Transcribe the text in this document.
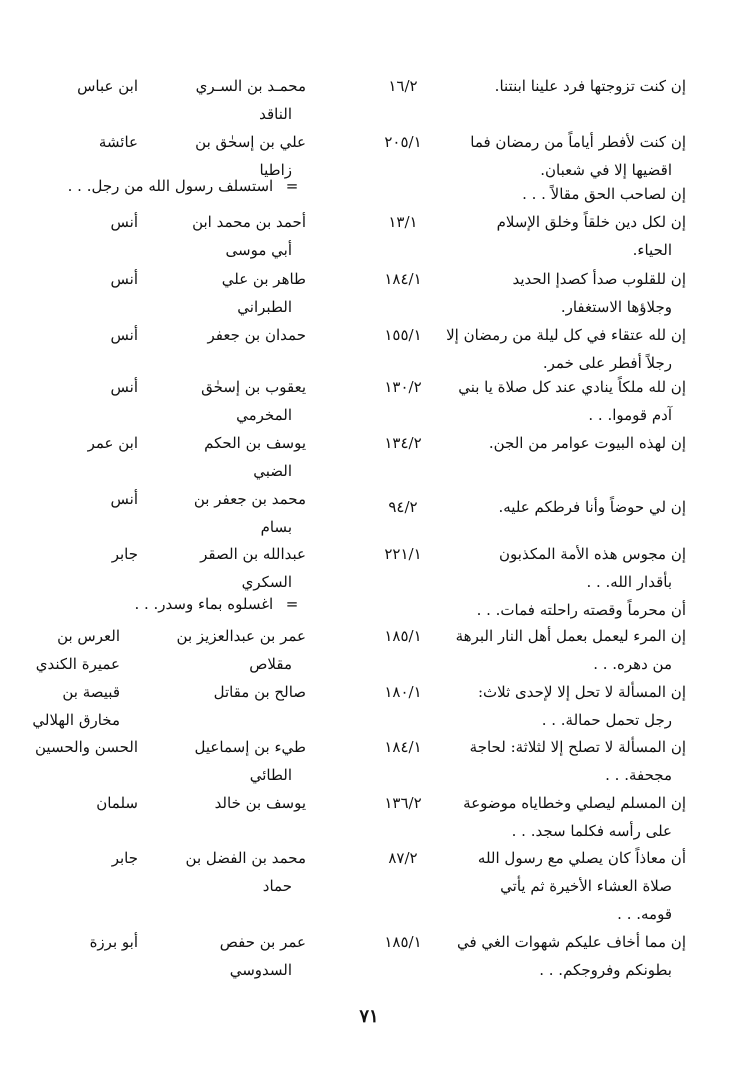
إن كنت تزوجتها فرد علينا ابنتنا.
١٦/٢
محمـد بن السـري
الناقد
ابن عباس
إن كنت لأفطر أياماً من رمضان فما
اقضيها إلا في شعبان.
٢٠٥/١
علي بن إسحٰق بن
زاطيا
عائشة
إن لصاحب الحق مقالاً . . .
= استسلف رسول الله من رجل. . .
إن لكل دين خلقاً وخلق الإسلام
الحياء.
١٣/١
أحمد بن محمد ابن
أبي موسى
أنس
إن للقلوب صدأ كصدإ الحديد
وجلاؤها الاستغفار.
١٨٤/١
طاهر بن علي
الطبراني
أنس
إن لله عتقاء في كل ليلة من رمضان إلا
رجلاً أفطر على خمر.
١٥٥/١
حمدان بن جعفر
أنس
إن لله ملكاً ينادي عند كل صلاة يا بني
آدم قوموا. . .
١٣٠/٢
يعقوب بن إسحٰق
المخرمي
أنس
إن لهذه البيوت عوامر من الجن.
١٣٤/٢
يوسف بن الحكم
الضبي
ابن عمر
إن لي حوضاً وأنا فرطكم عليه.
٩٤/٢
محمد بن جعفر بن
بسام
أنس
إن مجوس هذه الأمة المكذبون
بأقدار الله. . .
٢٢١/١
عبدالله بن الصقر
السكري
جابر
أن محرماً وقصته راحلته فمات. . .
= اغسلوه بماء وسدر. . .
إن المرء ليعمل بعمل أهل النار البرهة
من دهره. . .
١٨٥/١
عمر بن عبدالعزيز بن
مقلاص
العرس بن عميرة الكندي
إن المسألة لا تحل إلا لإحدى ثلاث:
رجل تحمل حمالة. . .
١٨٠/١
صالح بن مقاتل
قبيصة بن مخارق الهلالي
إن المسألة لا تصلح إلا لثلاثة: لحاجة
مجحفة. . .
١٨٤/١
طيء بن إسماعيل
الطائي
الحسن والحسين
إن المسلم ليصلي وخطاياه موضوعة
على رأسه فكلما سجد. . .
١٣٦/٢
يوسف بن خالد
سلمان
أن معاذاً كان يصلي مع رسول الله
صلاة العشاء الأخيرة ثم يأتي
قومه. . .
٨٧/٢
محمد بن الفضل بن
حماد
جابر
إن مما أخاف عليكم شهوات الغي في
بطونكم وفروجكم. . .
١٨٥/١
عمر بن حفص
السدوسي
أبو برزة
٧١
